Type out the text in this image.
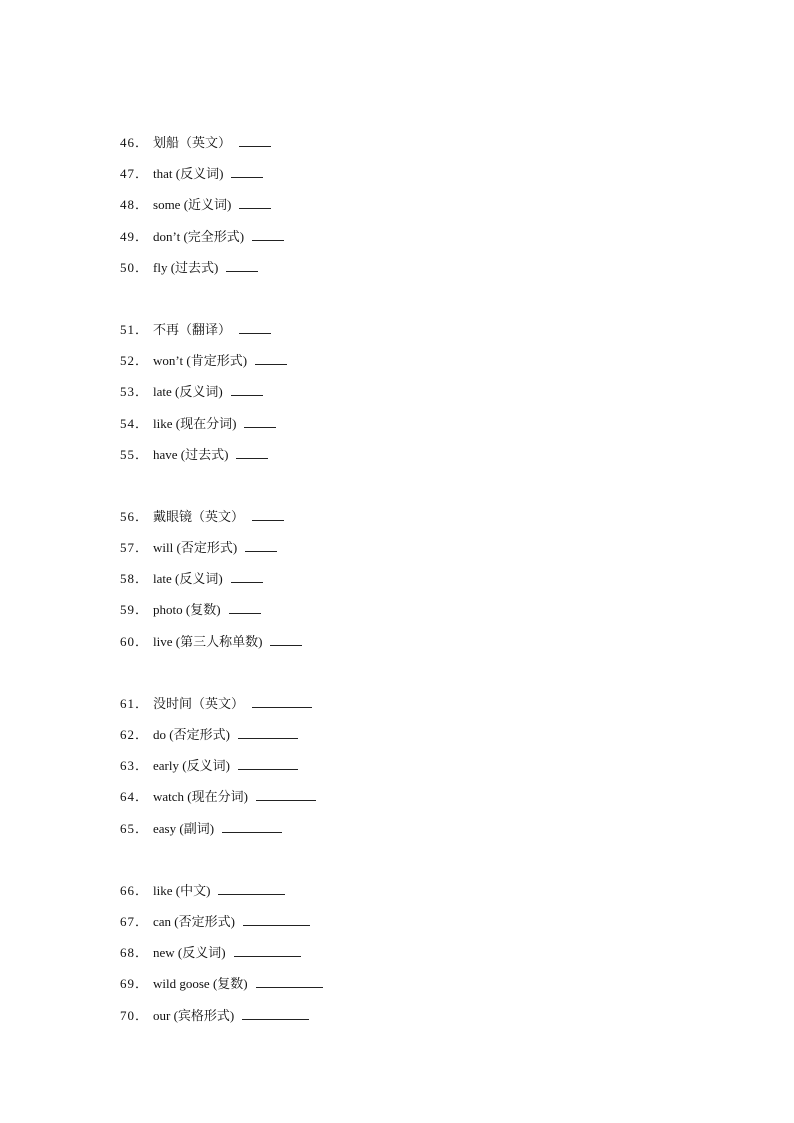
46． 划船（英文）
47． that (反义词)
48． some (近义词)
49． don’t (完全形式)
50． fly (过去式)
51． 不再（翻译）
52． won’t (肯定形式)
53． late (反义词)
54． like (现在分词)
55． have (过去式)
56． 戴眼镜（英文）
57． will (否定形式)
58． late (反义词)
59． photo (复数)
60． live (第三人称单数)
61． 没时间（英文）
62． do (否定形式)
63． early (反义词)
64． watch (现在分词)
65． easy (副词)
66． like (中文)
67． can (否定形式)
68． new (反义词)
69． wild goose (复数)
70． our (宾格形式)
